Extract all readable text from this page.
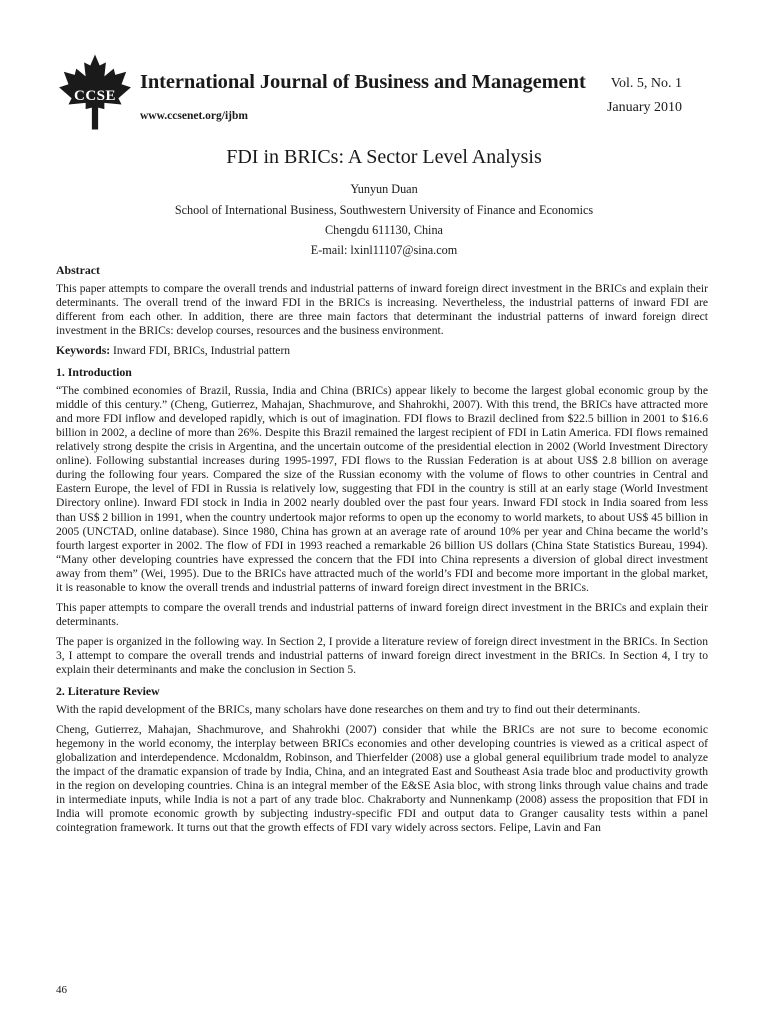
CCSE
International Journal of Business and Management
www.ccsenet.org/ijbm
Vol. 5, No. 1
January 2010
FDI in BRICs: A Sector Level Analysis
Yunyun Duan
School of International Business, Southwestern University of Finance and Economics
Chengdu 611130, China
E-mail: lxinl11107@sina.com
Abstract

This paper attempts to compare the overall trends and industrial patterns of inward foreign direct investment in the BRICs and explain their determinants. The overall trend of the inward FDI in the BRICs is increasing. Nevertheless, the industrial patterns of inward FDI are different from each other. In addition, there are three main factors that determinant the industrial patterns of inward foreign direct investment in the BRICs: develop courses, resources and the business environment.

Keywords: Inward FDI, BRICs, Industrial pattern

1. Introduction

“The combined economies of Brazil, Russia, India and China (BRICs) appear likely to become the largest global economic group by the middle of this century.” (Cheng, Gutierrez, Mahajan, Shachmurove, and Shahrokhi, 2007). With this trend, the BRICs have attracted more and more FDI inflow and developed rapidly, which is out of imagination. FDI flows to Brazil declined from $22.5 billion in 2001 to $16.6 billion in 2002, a decline of more than 26%. Despite this Brazil remained the largest recipient of FDI in Latin America. FDI flows remained relatively strong despite the crisis in Argentina, and the uncertain outcome of the presidential election in 2002 (World Investment Directory online). Following substantial increases during 1995-1997, FDI flows to the Russian Federation is at about US$ 2.8 billion on average during the following four years. Compared the size of the Russian economy with the volume of flows to other countries in Central and Eastern Europe, the level of FDI in Russia is relatively low, suggesting that FDI in the country is still at an early stage (World Investment Directory online). Inward FDI stock in India in 2002 nearly doubled over the past four years. Inward FDI stock in India soared from less than US$ 2 billion in 1991, when the country undertook major reforms to open up the economy to world markets, to about US$ 45 billion in 2005 (UNCTAD, online database). Since 1980, China has grown at an average rate of around 10% per year and China became the world’s fourth largest exporter in 2002. The flow of FDI in 1993 reached a remarkable 26 billion US dollars (China State Statistics Bureau, 1994). “Many other developing countries have expressed the concern that the FDI into China represents a diversion of global direct investment away from them” (Wei, 1995). Due to the BRICs have attracted much of the world’s FDI and become more important in the global market, it is reasonable to know the overall trends and industrial patterns of inward foreign direct investment in the BRICs.

This paper attempts to compare the overall trends and industrial patterns of inward foreign direct investment in the BRICs and explain their determinants.

The paper is organized in the following way. In Section 2, I provide a literature review of foreign direct investment in the BRICs. In Section 3, I attempt to compare the overall trends and industrial patterns of inward foreign direct investment in the BRICs. In Section 4, I try to explain their determinants and make the conclusion in Section 5.

2. Literature Review

With the rapid development of the BRICs, many scholars have done researches on them and try to find out their determinants.

Cheng, Gutierrez, Mahajan, Shachmurove, and Shahrokhi (2007) consider that while the BRICs are not sure to become economic hegemony in the world economy, the interplay between BRICs economies and other developing countries is viewed as a critical aspect of globalization and interdependence. Mcdonaldm, Robinson, and Thierfelder (2008) use a global general equilibrium trade model to analyze the impact of the dramatic expansion of trade by India, China, and an integrated East and Southeast Asia trade bloc and productivity growth in the region on developing countries. China is an integral member of the E&SE Asia bloc, with strong links through value chains and trade in intermediate inputs, while India is not a part of any trade bloc. Chakraborty and Nunnenkamp (2008) assess the proposition that FDI in India will promote economic growth by subjecting industry-specific FDI and output data to Granger causality tests within a panel cointegration framework. It turns out that the growth effects of FDI vary widely across sectors. Felipe, Lavin and Fan

46
